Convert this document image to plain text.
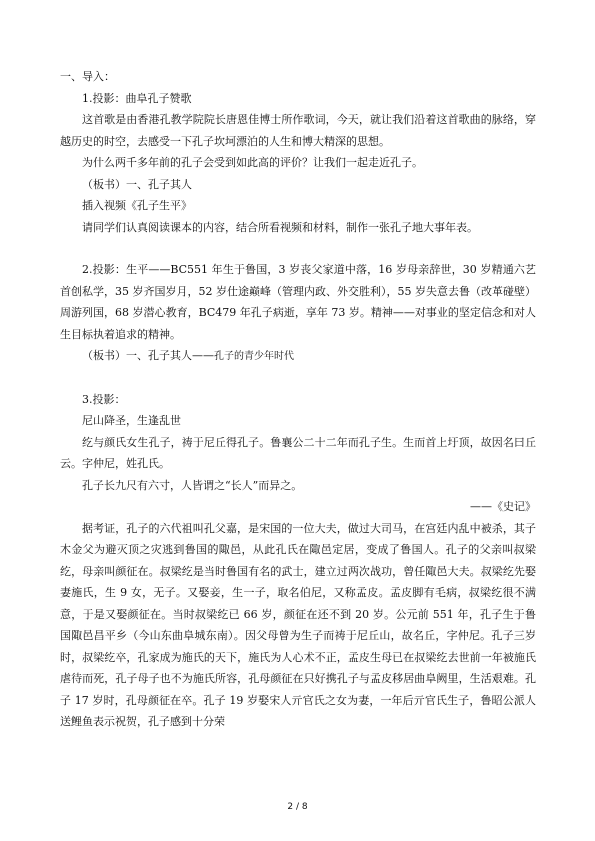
一、导入：

1.投影：曲阜孔子赞歌

这首歌是由香港孔教学院院长唐恩佳博士所作歌词，今天，就让我们沿着这首歌曲的脉络，穿越历史的时空，去感受一下孔子坎坷漂泊的人生和博大精深的思想。

为什么两千多年前的孔子会受到如此高的评价？让我们一起走近孔子。

（板书）一、孔子其人

插入视频《孔子生平》

请同学们认真阅读课本的内容，结合所看视频和材料，制作一张孔子地大事年表。

2.投影：生平——BC551 年生于鲁国，3 岁丧父家道中落，16 岁母亲辞世，30 岁精通六艺首创私学，35 岁齐国岁月，52 岁仕途巅峰（管理内政、外交胜利），55 岁失意去鲁（改革碰壁）周游列国，68 岁潜心教育，BC479 年孔子病逝，享年 73 岁。精神——对事业的坚定信念和对人生目标执着追求的精神。

（板书）一、孔子其人——孔子的青少年时代

3.投影：

尼山降圣，生逢乱世

纥与颜氏女生孔子，祷于尼丘得孔子。鲁襄公二十二年而孔子生。生而首上圩顶，故因名曰丘云。字仲尼，姓孔氏。

孔子长九尺有六寸，人皆谓之“长人”而异之。

——《史记》

据考证，孔子的六代祖叫孔父嘉，是宋国的一位大夫，做过大司马，在宫廷内乱中被杀，其子木金父为避灭顶之灾逃到鲁国的陬邑，从此孔氏在陬邑定居，变成了鲁国人。孔子的父亲叫叔梁纥，母亲叫颜征在。叔梁纥是当时鲁国有名的武士，建立过两次战功，曾任陬邑大夫。叔梁纥先娶妻施氏，生 9 女，无子。又娶妾，生一子，取名伯尼，又称孟皮。孟皮脚有毛病，叔梁纥很不满意，于是又娶颜征在。当时叔梁纥已 66 岁，颜征在还不到 20 岁。公元前 551 年，孔子生于鲁国陬邑昌平乡（今山东曲阜城东南）。因父母曾为生子而祷于尼丘山，故名丘，字仲尼。孔子三岁时，叔梁纥卒，孔家成为施氏的天下，施氏为人心术不正，孟皮生母已在叔梁纥去世前一年被施氏虐待而死，孔子母子也不为施氏所容，孔母颜征在只好携孔子与孟皮移居曲阜阙里，生活艰难。孔子 17 岁时，孔母颜征在卒。孔子 19 岁娶宋人亓官氏之女为妻，一年后亓官氏生子，鲁昭公派人送鲤鱼表示祝贺，孔子感到十分荣

2 / 8
